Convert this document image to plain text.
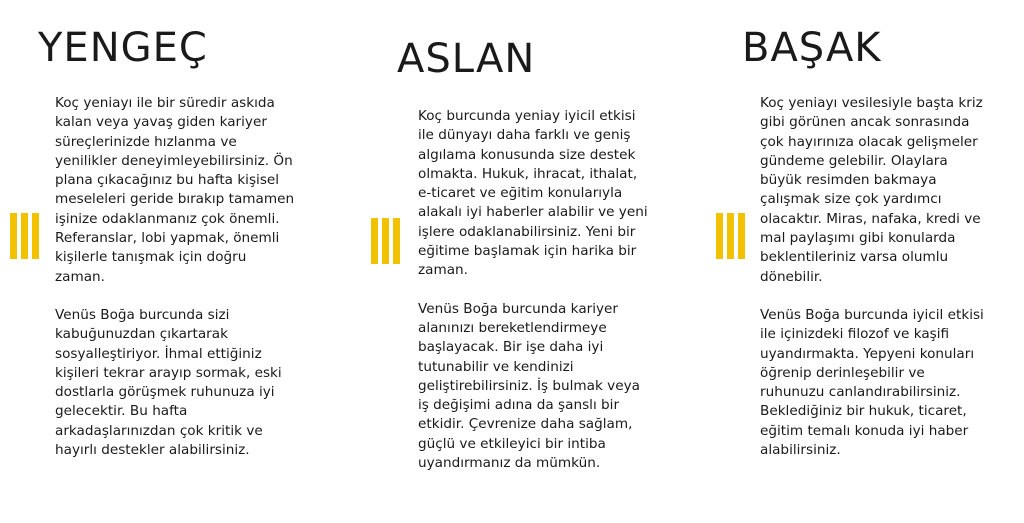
YENGEÇ

Koç yeniayı ile bir süredir askıda kalan veya yavaş giden kariyer süreçlerinizde hızlanma ve yenilikler deneyimleyebilirsiniz. Ön plana çıkacağınız bu hafta kişisel meseleleri geride bırakıp tamamen işinize odaklanmanız çok önemli. Referanslar, lobi yapmak, önemli kişilerle tanışmak için doğru zaman.

Venüs Boğa burcunda sizi kabuğunuzdan çıkartarak sosyalleştiriyor. İhmal ettiğiniz kişileri tekrar arayıp sormak, eski dostlarla görüşmek ruhunuza iyi gelecektir. Bu hafta arkadaşlarınızdan çok kritik ve hayırlı destekler alabilirsiniz.

ASLAN

Koç burcunda yeniay iyicil etkisi ile dünyayı daha farklı ve geniş algılama konusunda size destek olmakta. Hukuk, ihracat, ithalat, e-ticaret ve eğitim konularıyla alakalı iyi haberler alabilir ve yeni işlere odaklanabilirsiniz. Yeni bir eğitime başlamak için harika bir zaman.

Venüs Boğa burcunda kariyer alanınızı bereketlendirmeye başlayacak. Bir işe daha iyi tutunabilir ve kendinizi geliştirebilirsiniz. İş bulmak veya iş değişimi adına da şanslı bir etkidir. Çevrenize daha sağlam, güçlü ve etkileyici bir intiba uyandırmanız da mümkün.

BAŞAK

Koç yeniayı vesilesiyle başta kriz gibi görünen ancak sonrasında çok hayırınıza olacak gelişmeler gündeme gelebilir. Olaylara büyük resimden bakmaya çalışmak size çok yardımcı olacaktır. Miras, nafaka, kredi ve mal paylaşımı gibi konularda beklentileriniz varsa olumlu dönebilir.

Venüs Boğa burcunda iyicil etkisi ile içinizdeki filozof ve kaşifi uyandırmakta. Yepyeni konuları öğrenip derinleşebilir ve ruhunuzu canlandırabilirsiniz. Beklediğiniz bir hukuk, ticaret, eğitim temalı konuda iyi haber alabilirsiniz.
